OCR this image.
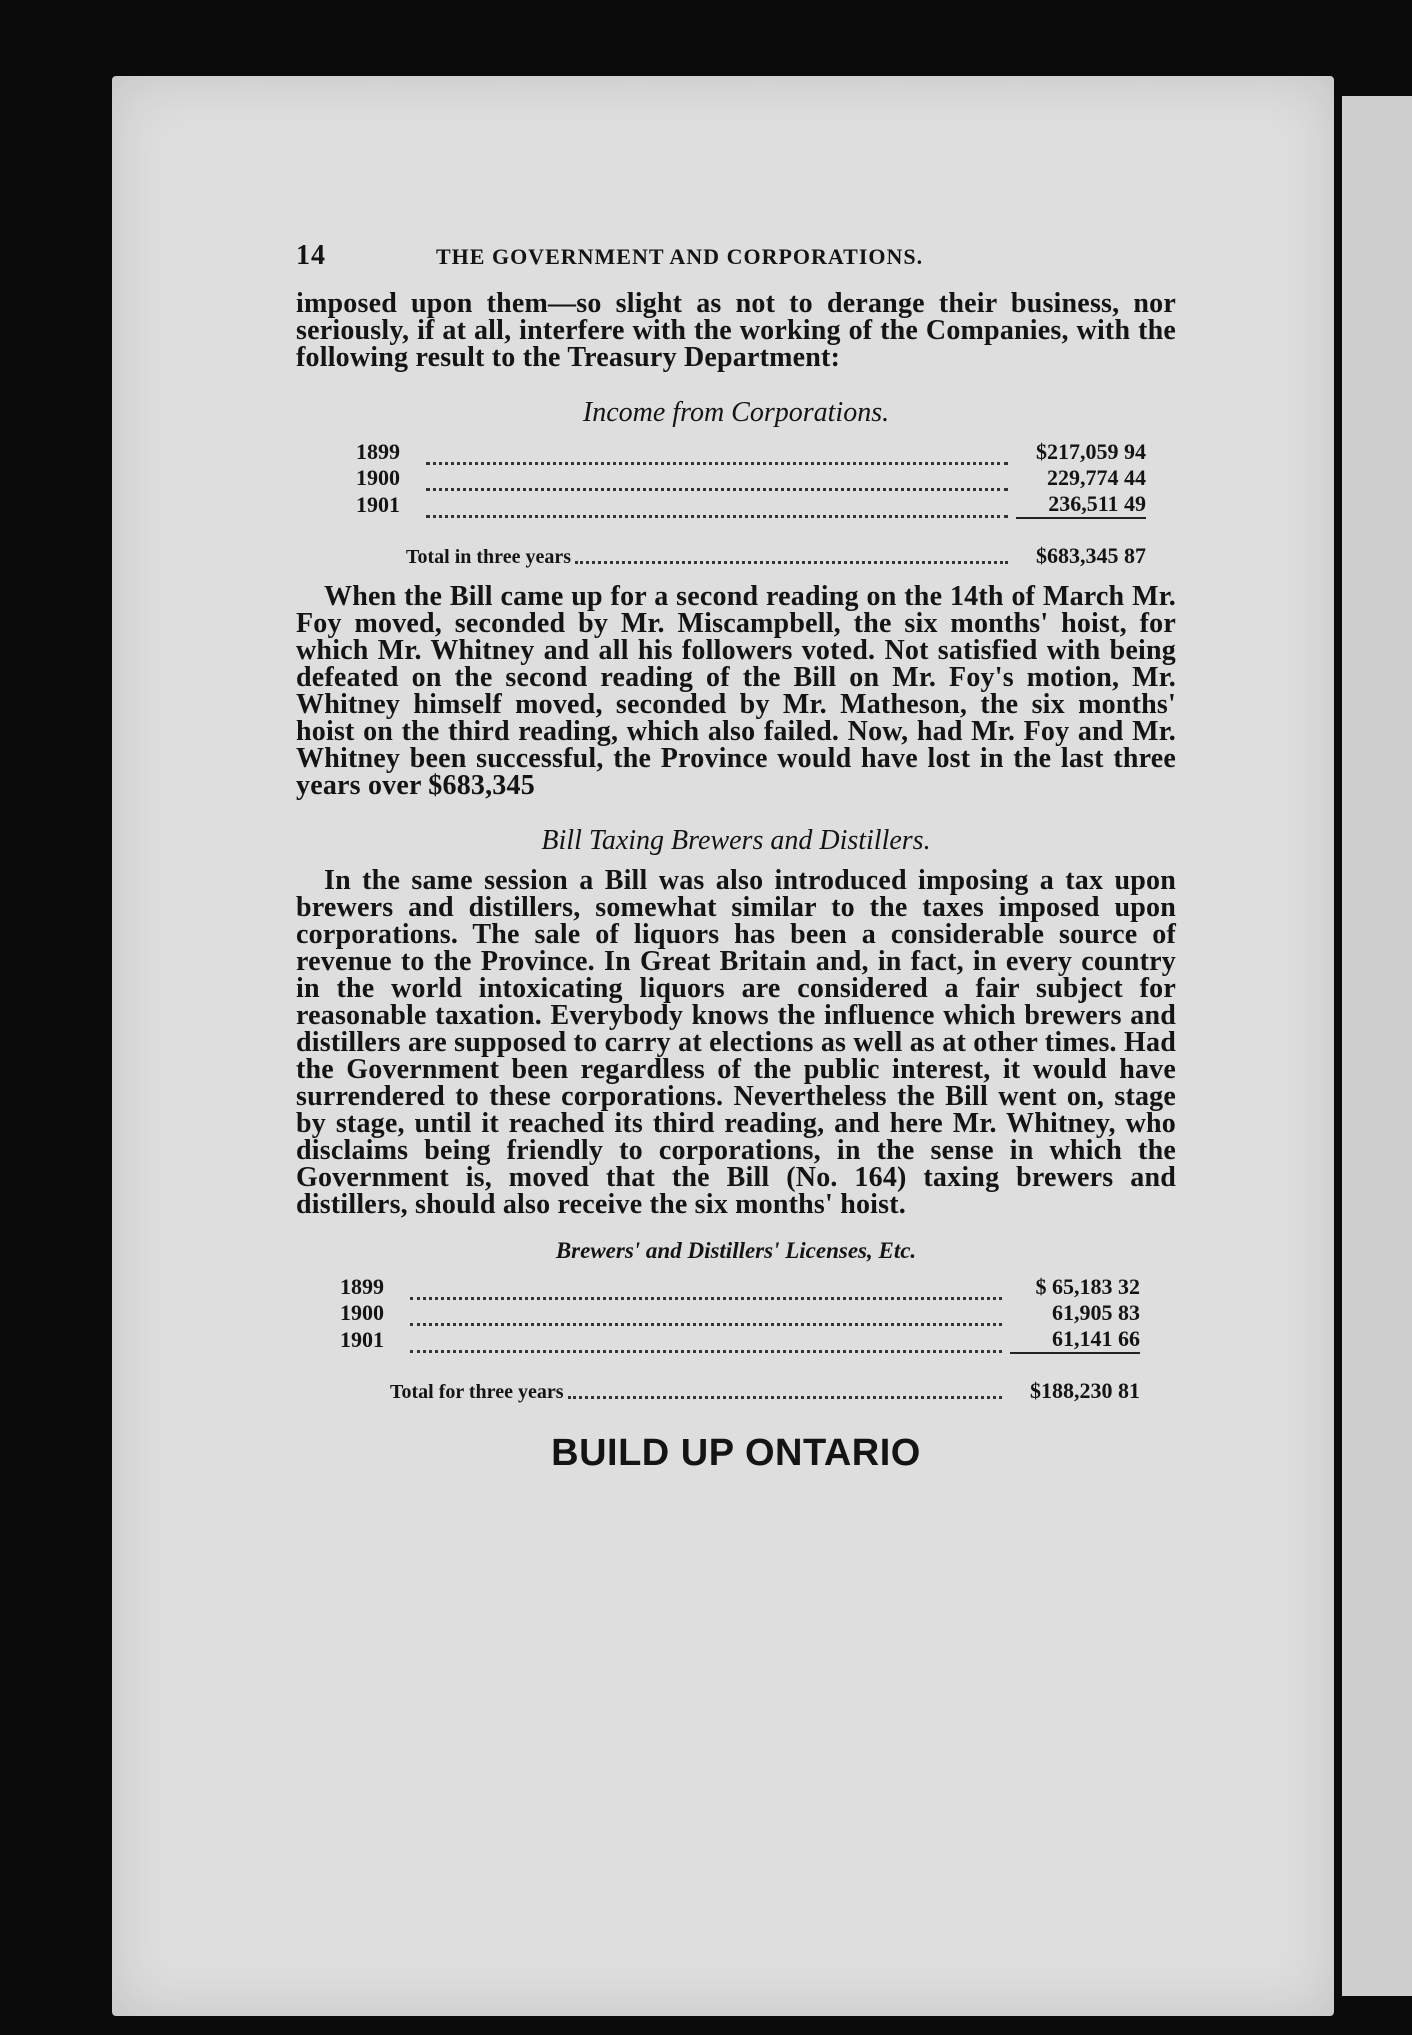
14	THE GOVERNMENT AND CORPORATIONS.

imposed upon them—so slight as not to derange their business, nor seriously, if at all, interfere with the working of the Companies, with the following result to the Treasury Department:

Income from Corporations.
1899		$217,059 94
1900		229,774 44
1901		236,511 49

Total in three years		$683,345 87

When the Bill came up for a second reading on the 14th of March Mr. Foy moved, seconded by Mr. Miscampbell, the six months' hoist, for which Mr. Whitney and all his followers voted. Not satisfied with being defeated on the second reading of the Bill on Mr. Foy's motion, Mr. Whitney himself moved, seconded by Mr. Matheson, the six months' hoist on the third reading, which also failed. Now, had Mr. Foy and Mr. Whitney been successful, the Province would have lost in the last three years over $683,345

Bill Taxing Brewers and Distillers.

In the same session a Bill was also introduced imposing a tax upon brewers and distillers, somewhat similar to the taxes imposed upon corporations. The sale of liquors has been a considerable source of revenue to the Province. In Great Britain and, in fact, in every country in the world intoxicating liquors are considered a fair subject for reasonable taxation. Everybody knows the influence which brewers and distillers are supposed to carry at elections as well as at other times. Had the Government been regardless of the public interest, it would have surrendered to these corporations. Nevertheless the Bill went on, stage by stage, until it reached its third reading, and here Mr. Whitney, who disclaims being friendly to corporations, in the sense in which the Government is, moved that the Bill (No. 164) taxing brewers and distillers, should also receive the six months' hoist.

Brewers' and Distillers' Licenses, Etc.
1899		$ 65,183 32
1900		61,905 83
1901		61,141 66

Total for three years		$188,230 81
BUILD UP ONTARIO
